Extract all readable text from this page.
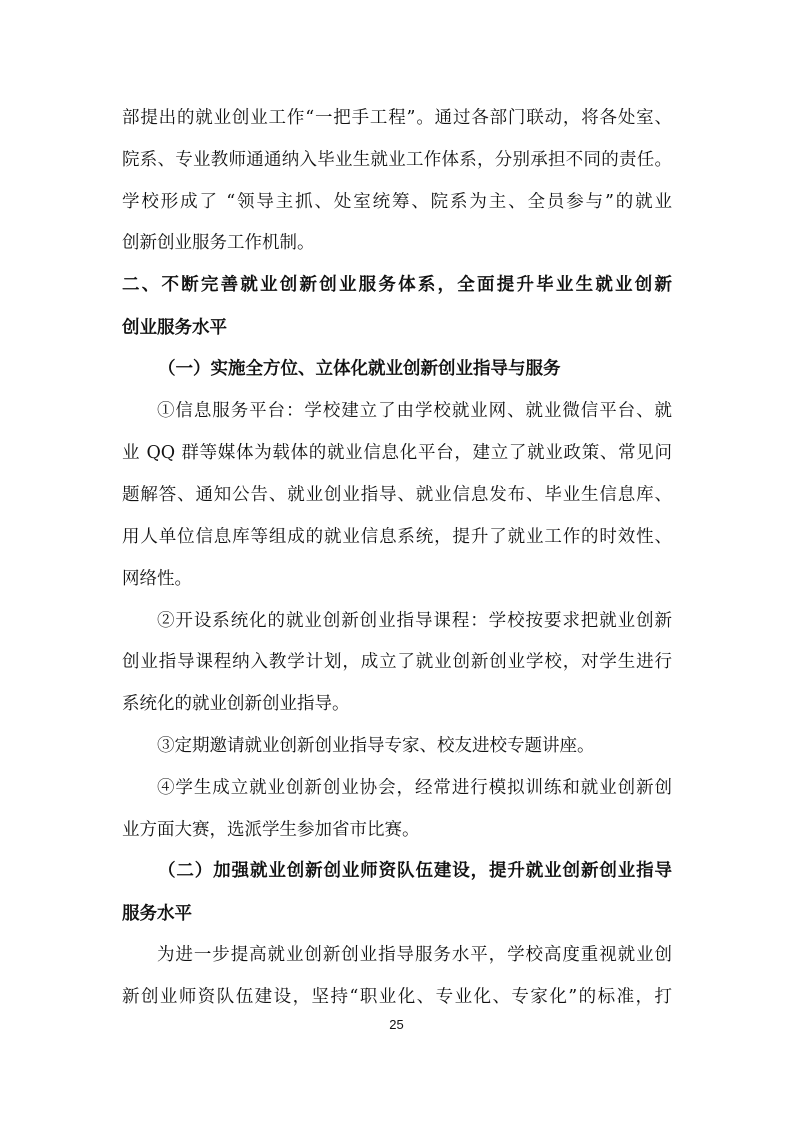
部提出的就业创业工作“一把手工程”。通过各部门联动，将各处室、
院系、专业教师通通纳入毕业生就业工作体系，分别承担不同的责任。
学校形成了 “领导主抓、处室统筹、院系为主、全员参与”的就业
创新创业服务工作机制。
二、不断完善就业创新创业服务体系，全面提升毕业生就业创新
创业服务水平
（一）实施全方位、立体化就业创新创业指导与服务
①信息服务平台：学校建立了由学校就业网、就业微信平台、就
业 QQ 群等媒体为载体的就业信息化平台，建立了就业政策、常见问
题解答、通知公告、就业创业指导、就业信息发布、毕业生信息库、
用人单位信息库等组成的就业信息系统，提升了就业工作的时效性、
网络性。
②开设系统化的就业创新创业指导课程：学校按要求把就业创新
创业指导课程纳入教学计划，成立了就业创新创业学校，对学生进行
系统化的就业创新创业指导。
③定期邀请就业创新创业指导专家、校友进校专题讲座。
④学生成立就业创新创业协会，经常进行模拟训练和就业创新创
业方面大赛，选派学生参加省市比赛。
（二）加强就业创新创业师资队伍建设，提升就业创新创业指导
服务水平
为进一步提高就业创新创业指导服务水平，学校高度重视就业创
新创业师资队伍建设，坚持“职业化、专业化、专家化”的标准，打
25
